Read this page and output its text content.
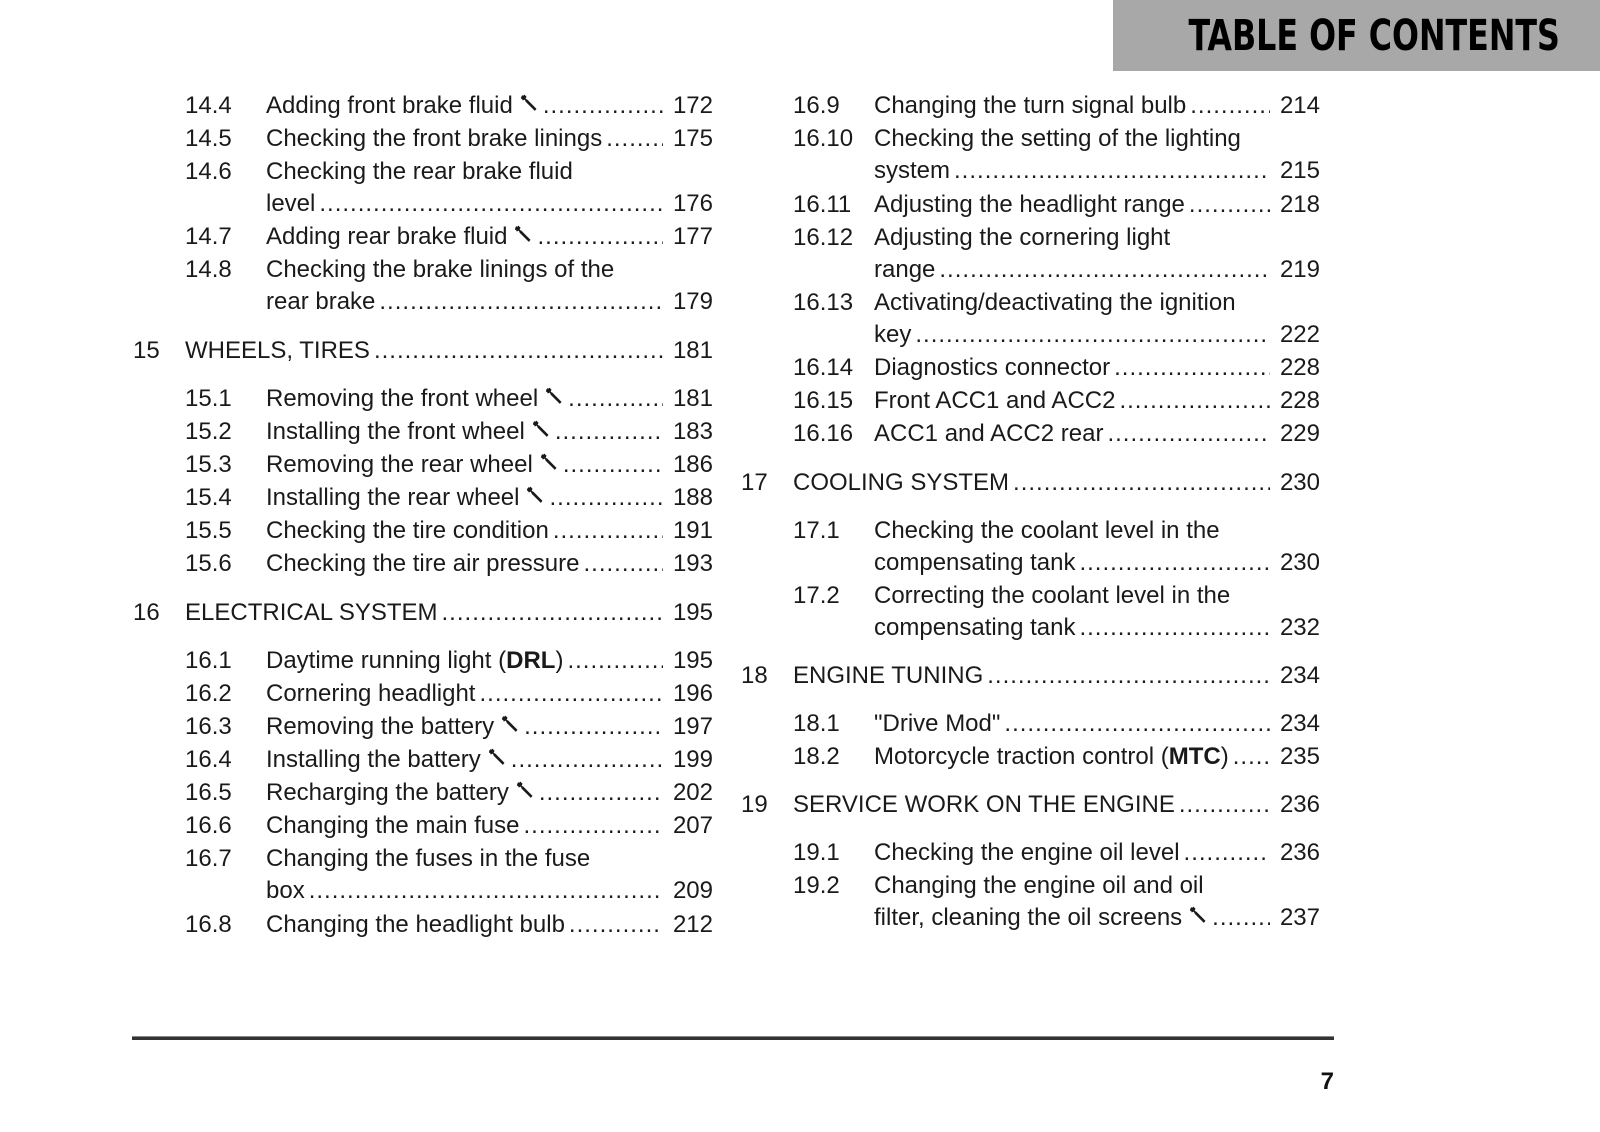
TABLE OF CONTENTS
14.4 Adding front brake fluid .....	172
14.5 Checking the front brake linings .....	175
14.6 Checking the rear brake fluid
level .....	176
14.7 Adding rear brake fluid .....	177
14.8 Checking the brake linings of the
rear brake .....	179
15 WHEELS, TIRES .....	181
15.1 Removing the front wheel .....	181
15.2 Installing the front wheel .....	183
15.3 Removing the rear wheel .....	186
15.4 Installing the rear wheel .....	188
15.5 Checking the tire condition .....	191
15.6 Checking the tire air pressure .....	193
16 ELECTRICAL SYSTEM .....	195
16.1 Daytime running light ( DRL ) .....	195
16.2 Cornering headlight .....	196
16.3 Removing the battery .....	197
16.4 Installing the battery .....	199
16.5 Recharging the battery .....	202
16.6 Changing the main fuse .....	207
16.7 Changing the fuses in the fuse
box .....	209
16.8 Changing the headlight bulb .....	212
16.9 Changing the turn signal bulb .....	214
16.10 Checking the setting of the lighting
system .....	215
16.11 Adjusting the headlight range .....	218
16.12 Adjusting the cornering light
range .....	219
16.13 Activating/deactivating the ignition
key .....	222
16.14 Diagnostics connector .....	228
16.15 Front ACC1 and ACC2 .....	228
16.16 ACC1 and ACC2 rear .....	229
17 COOLING SYSTEM .....	230
17.1 Checking the coolant level in the
compensating tank .....	230
17.2 Correcting the coolant level in the
compensating tank .....	232
18 ENGINE TUNING .....	234
18.1 "Drive Mod" .....	234
18.2 Motorcycle traction control ( MTC ) .....	235
19 SERVICE WORK ON THE ENGINE .....	236
19.1 Checking the engine oil level .....	236
19.2 Changing the engine oil and oil
filter, cleaning the oil screens .....	237
7
